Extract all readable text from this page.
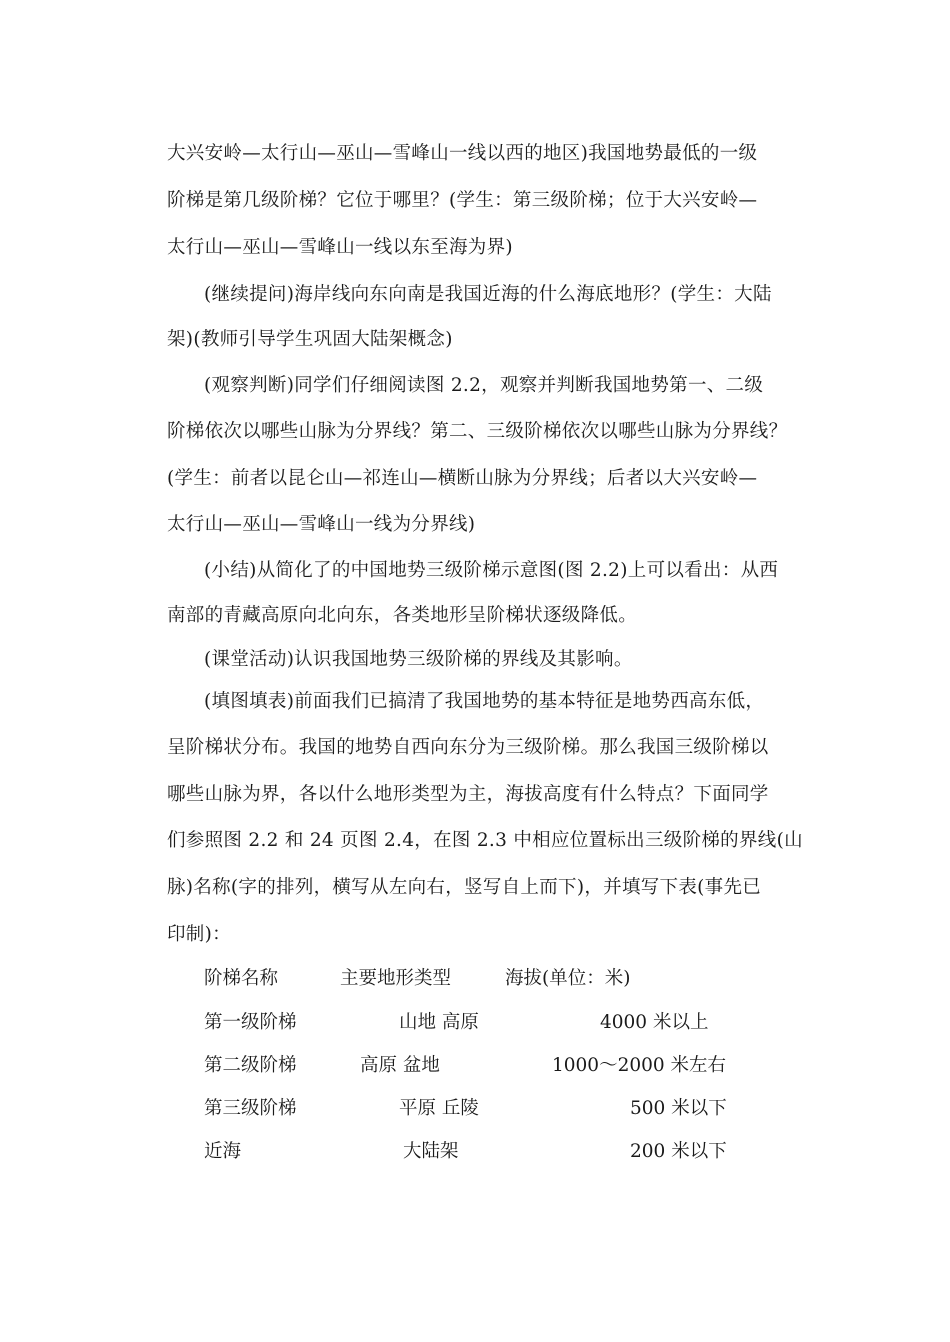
大兴安岭—太行山—巫山—雪峰山一线以西的地区)我国地势最低的一级
阶梯是第几级阶梯？它位于哪里？(学生：第三级阶梯；位于大兴安岭—
太行山—巫山—雪峰山一线以东至海为界)
(继续提问)海岸线向东向南是我国近海的什么海底地形？(学生：大陆
架)(教师引导学生巩固大陆架概念)
(观察判断)同学们仔细阅读图 2.2，观察并判断我国地势第一、二级
阶梯依次以哪些山脉为分界线？第二、三级阶梯依次以哪些山脉为分界线？
(学生：前者以昆仑山—祁连山—横断山脉为分界线；后者以大兴安岭—
太行山—巫山—雪峰山一线为分界线)
(小结)从简化了的中国地势三级阶梯示意图(图 2.2)上可以看出：从西
南部的青藏高原向北向东，各类地形呈阶梯状逐级降低。
(课堂活动)认识我国地势三级阶梯的界线及其影响。
(填图填表)前面我们已搞清了我国地势的基本特征是地势西高东低，
呈阶梯状分布。我国的地势自西向东分为三级阶梯。那么我国三级阶梯以
哪些山脉为界，各以什么地形类型为主，海拔高度有什么特点？下面同学
们参照图 2.2 和 24 页图 2.4，在图 2.3 中相应位置标出三级阶梯的界线(山
脉)名称(字的排列，横写从左向右，竖写自上而下)，并填写下表(事先已
印制)：
阶梯名称	主要地形类型	海拔(单位：米)
第一级阶梯	山地 高原	4000 米以上
第二级阶梯	高原 盆地	1000～2000 米左右
第三级阶梯	平原 丘陵	500 米以下
近海	大陆架	200 米以下
